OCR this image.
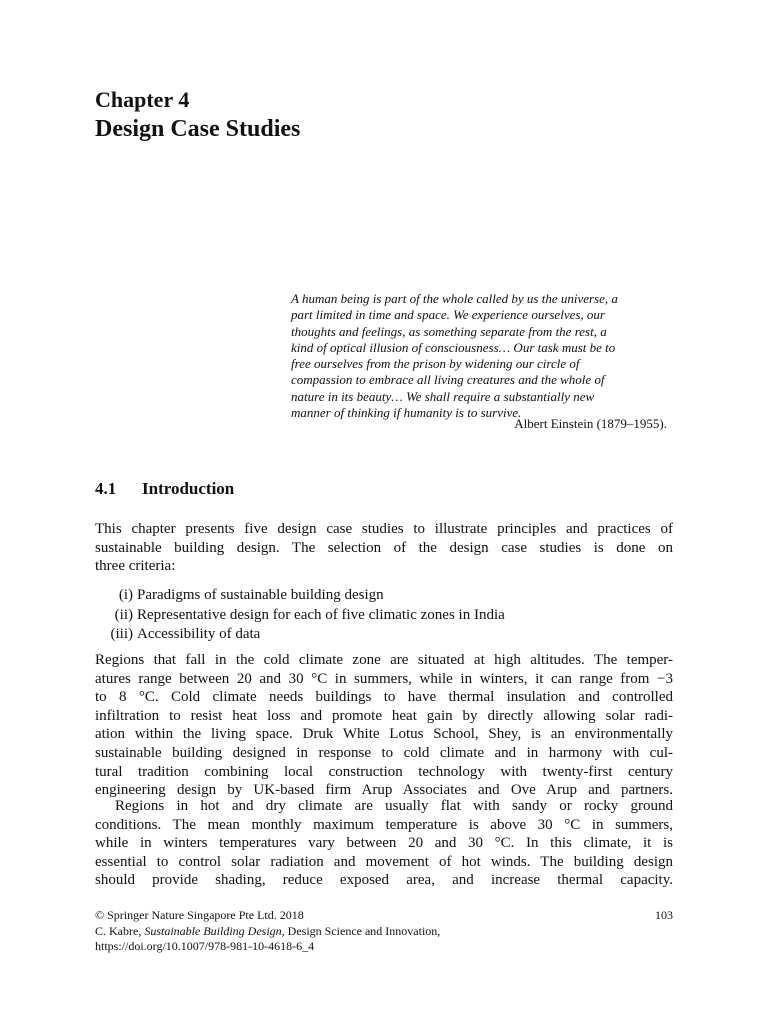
Chapter 4
Design Case Studies
A human being is part of the whole called by us the universe, a
part limited in time and space. We experience ourselves, our
thoughts and feelings, as something separate from the rest, a
kind of optical illusion of consciousness… Our task must be to
free ourselves from the prison by widening our circle of
compassion to embrace all living creatures and the whole of
nature in its beauty… We shall require a substantially new
manner of thinking if humanity is to survive.
Albert Einstein (1879–1955).
4.1 Introduction
This chapter presents five design case studies to illustrate principles and practices of
sustainable building design. The selection of the design case studies is done on
three criteria:
(i) Paradigms of sustainable building design
(ii) Representative design for each of five climatic zones in India
(iii) Accessibility of data
Regions that fall in the cold climate zone are situated at high altitudes. The temper-
atures range between 20 and 30 °C in summers, while in winters, it can range from −3
to 8 °C. Cold climate needs buildings to have thermal insulation and controlled
infiltration to resist heat loss and promote heat gain by directly allowing solar radi-
ation within the living space. Druk White Lotus School, Shey, is an environmentally
sustainable building designed in response to cold climate and in harmony with cul-
tural tradition combining local construction technology with twenty-first century
engineering design by UK-based firm Arup Associates and Ove Arup and partners.
Regions in hot and dry climate are usually flat with sandy or rocky ground
conditions. The mean monthly maximum temperature is above 30 °C in summers,
while in winters temperatures vary between 20 and 30 °C. In this climate, it is
essential to control solar radiation and movement of hot winds. The building design
should provide shading, reduce exposed area, and increase thermal capacity.
© Springer Nature Singapore Pte Ltd. 2018
C. Kabre, Sustainable Building Design, Design Science and Innovation,
https://doi.org/10.1007/978-981-10-4618-6_4
103
